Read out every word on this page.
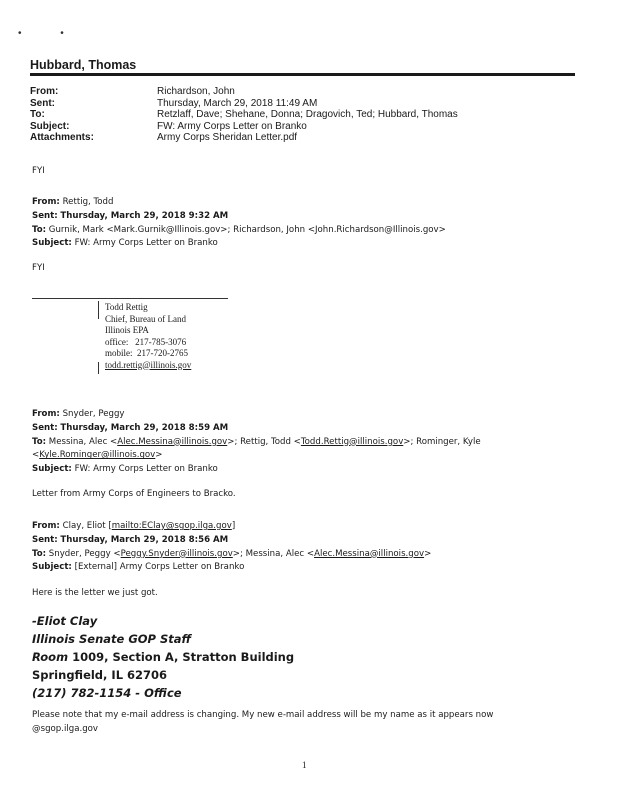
• •
Hubbard, Thomas
From:	Richardson, John
Sent:	Thursday, March 29, 2018 11:49 AM
To:	Retzlaff, Dave; Shehane, Donna; Dragovich, Ted; Hubbard, Thomas
Subject:	FW: Army Corps Letter on Branko
Attachments:	Army Corps Sheridan Letter.pdf
FYI
From: Rettig, Todd
Sent: Thursday, March 29, 2018 9:32 AM
To: Gurnik, Mark <Mark.Gurnik@Illinois.gov>; Richardson, John <John.Richardson@Illinois.gov>
Subject: FW: Army Corps Letter on Branko
FYI
Todd Rettig
Chief, Bureau of Land
Illinois EPA
office:   217-785-3076
mobile:  217-720-2765
todd.rettig@illinois.gov
From: Snyder, Peggy
Sent: Thursday, March 29, 2018 8:59 AM
To: Messina, Alec <Alec.Messina@illinois.gov>; Rettig, Todd <Todd.Rettig@illinois.gov>; Rominger, Kyle
<Kyle.Rominger@illinois.gov>
Subject: FW: Army Corps Letter on Branko
Letter from Army Corps of Engineers to Bracko.
From: Clay, Eliot [mailto:EClay@sgop.ilga.gov]
Sent: Thursday, March 29, 2018 8:56 AM
To: Snyder, Peggy <Peggy.Snyder@illinois.gov>; Messina, Alec <Alec.Messina@illinois.gov>
Subject: [External] Army Corps Letter on Branko
Here is the letter we just got.
-Eliot Clay
Illinois Senate GOP Staff
Room 1009, Section A, Stratton Building
Springfield, IL 62706
(217) 782-1154 - Office
Please note that my e-mail address is changing. My new e-mail address will be my name as it appears now
@sgop.ilga.gov
1
